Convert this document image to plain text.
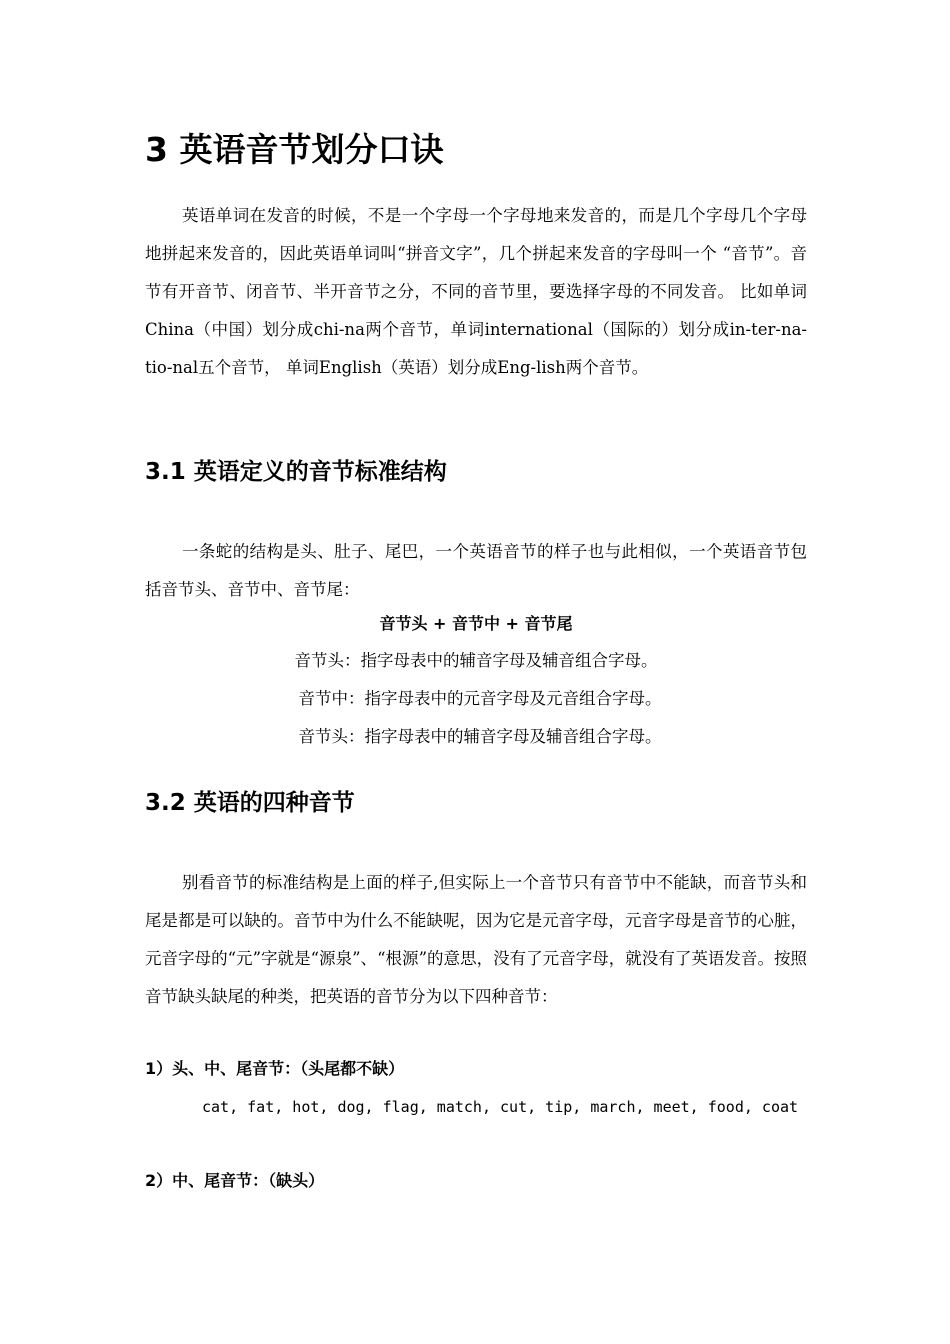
3 英语音节划分口诀

英语单词在发音的时候，不是一个字母一个字母地来发音的，而是几个字母几个字母地拼起来发音的，因此英语单词叫“拼音文字”，几个拼起来发音的字母叫一个 “音节”。音节有开音节、闭音节、半开音节之分，不同的音节里，要选择字母的不同发音。 比如单词China（中国）划分成chi-na两个音节，单词international（国际的）划分成in-ter-na-tio-nal五个音节， 单词English（英语）划分成Eng-lish两个音节。

3.1 英语定义的音节标准结构

一条蛇的结构是头、肚子、尾巴，一个英语音节的样子也与此相似，一个英语音节包括音节头、音节中、音节尾：

音节头 + 音节中 + 音节尾

音节头：指字母表中的辅音字母及辅音组合字母。

音节中：指字母表中的元音字母及元音组合字母。

音节头：指字母表中的辅音字母及辅音组合字母。

3.2 英语的四种音节

别看音节的标准结构是上面的样子,但实际上一个音节只有音节中不能缺，而音节头和尾是都是可以缺的。音节中为什么不能缺呢，因为它是元音字母，元音字母是音节的心脏，元音字母的“元”字就是“源泉”、“根源”的意思，没有了元音字母，就没有了英语发音。按照音节缺头缺尾的种类，把英语的音节分为以下四种音节：

1）头、中、尾音节：（头尾都不缺）

cat, fat, hot, dog, flag, match, cut, tip, march, meet, food, coat

2）中、尾音节：（缺头）
